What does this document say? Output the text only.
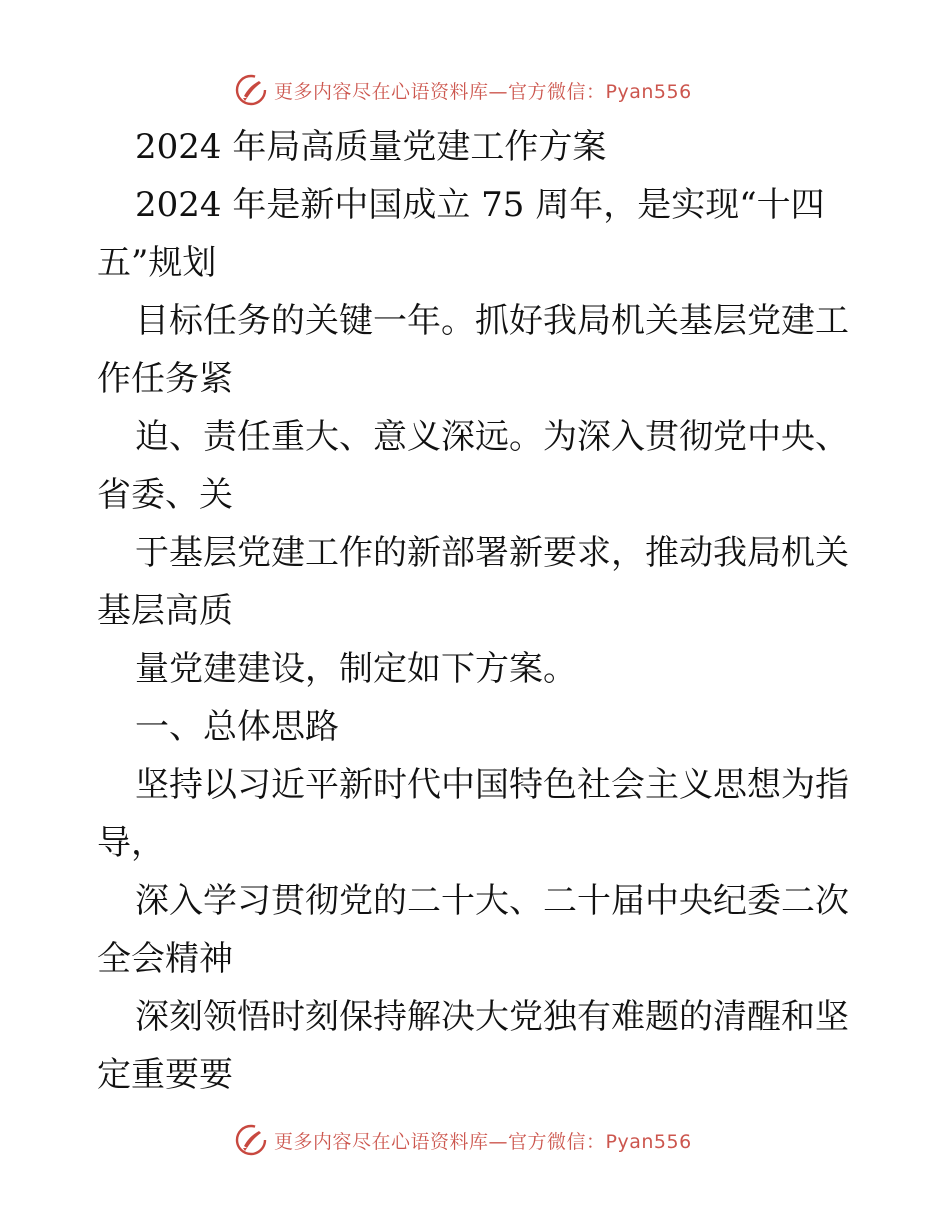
更多内容尽在心语资料库—官方微信：Pyan556

2024 年局高质量党建工作方案

2024 年是新中国成立 75 周年，是实现“十四

五”规划

目标任务的关键一年。抓好我局机关基层党建工

作任务紧

迫、责任重大、意义深远。为深入贯彻党中央、

省委、关

于基层党建工作的新部署新要求，推动我局机关

基层高质

量党建建设，制定如下方案。

一、总体思路

坚持以习近平新时代中国特色社会主义思想为指

导，

深入学习贯彻党的二十大、二十届中央纪委二次

全会精神

深刻领悟时刻保持解决大党独有难题的清醒和坚

定重要要

更多内容尽在心语资料库—官方微信：Pyan556
